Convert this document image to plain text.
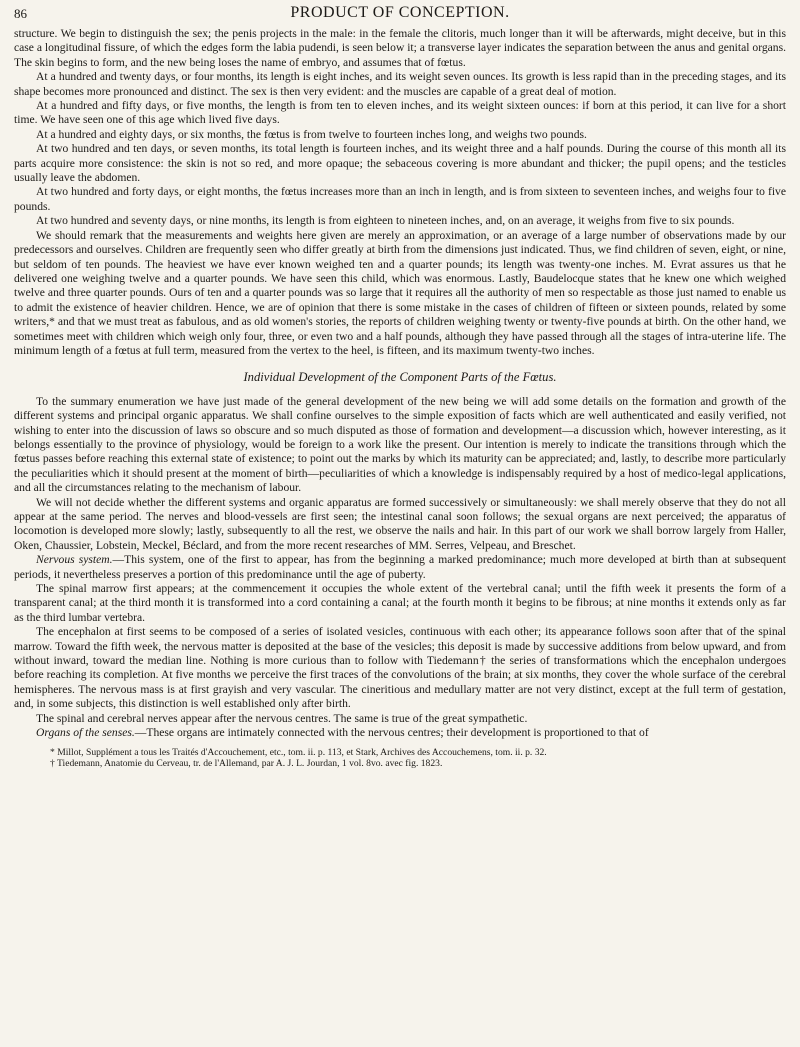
86	PRODUCT OF CONCEPTION.

structure. We begin to distinguish the sex; the penis projects in the male: in the female the clitoris, much longer than it will be afterwards, might deceive, but in this case a longitudinal fissure, of which the edges form the labia pudendi, is seen below it; a transverse layer indicates the separation between the anus and genital organs. The skin begins to form, and the new being loses the name of embryo, and assumes that of fœtus.

At a hundred and twenty days, or four months, its length is eight inches, and its weight seven ounces. Its growth is less rapid than in the preceding stages, and its shape becomes more pronounced and distinct. The sex is then very evident: and the muscles are capable of a great deal of motion.

At a hundred and fifty days, or five months, the length is from ten to eleven inches, and its weight sixteen ounces: if born at this period, it can live for a short time. We have seen one of this age which lived five days.

At a hundred and eighty days, or six months, the fœtus is from twelve to fourteen inches long, and weighs two pounds.

At two hundred and ten days, or seven months, its total length is fourteen inches, and its weight three and a half pounds. During the course of this month all its parts acquire more consistence: the skin is not so red, and more opaque; the sebaceous covering is more abundant and thicker; the pupil opens; and the testicles usually leave the abdomen.

At two hundred and forty days, or eight months, the fœtus increases more than an inch in length, and is from sixteen to seventeen inches, and weighs four to five pounds.

At two hundred and seventy days, or nine months, its length is from eighteen to nineteen inches, and, on an average, it weighs from five to six pounds.

We should remark that the measurements and weights here given are merely an approximation, or an average of a large number of observations made by our predecessors and ourselves. Children are frequently seen who differ greatly at birth from the dimensions just indicated. Thus, we find children of seven, eight, or nine, but seldom of ten pounds. The heaviest we have ever known weighed ten and a quarter pounds; its length was twenty-one inches. M. Evrat assures us that he delivered one weighing twelve and a quarter pounds. We have seen this child, which was enormous. Lastly, Baudelocque states that he knew one which weighed twelve and three quarter pounds. Ours of ten and a quarter pounds was so large that it requires all the authority of men so respectable as those just named to enable us to admit the existence of heavier children. Hence, we are of opinion that there is some mistake in the cases of children of fifteen or sixteen pounds, related by some writers,* and that we must treat as fabulous, and as old women's stories, the reports of children weighing twenty or twenty-five pounds at birth. On the other hand, we sometimes meet with children which weigh only four, three, or even two and a half pounds, although they have passed through all the stages of intra-uterine life. The minimum length of a fœtus at full term, measured from the vertex to the heel, is fifteen, and its maximum twenty-two inches.

Individual Development of the Component Parts of the Fœtus.

To the summary enumeration we have just made of the general development of the new being we will add some details on the formation and growth of the different systems and principal organic apparatus. We shall confine ourselves to the simple exposition of facts which are well authenticated and easily verified, not wishing to enter into the discussion of laws so obscure and so much disputed as those of formation and development—a discussion which, however interesting, as it belongs essentially to the province of physiology, would be foreign to a work like the present. Our intention is merely to indicate the transitions through which the fœtus passes before reaching this external state of existence; to point out the marks by which its maturity can be appreciated; and, lastly, to describe more particularly the peculiarities which it should present at the moment of birth—peculiarities of which a knowledge is indispensably required by a host of medico-legal applications, and all the circumstances relating to the mechanism of labour.

We will not decide whether the different systems and organic apparatus are formed successively or simultaneously: we shall merely observe that they do not all appear at the same period. The nerves and blood-vessels are first seen; the intestinal canal soon follows; the sexual organs are next perceived; the apparatus of locomotion is developed more slowly; lastly, subsequently to all the rest, we observe the nails and hair. In this part of our work we shall borrow largely from Haller, Oken, Chaussier, Lobstein, Meckel, Béclard, and from the more recent researches of MM. Serres, Velpeau, and Breschet.

Nervous system.—This system, one of the first to appear, has from the beginning a marked predominance; much more developed at birth than at subsequent periods, it nevertheless preserves a portion of this predominance until the age of puberty.

The spinal marrow first appears; at the commencement it occupies the whole extent of the vertebral canal; until the fifth week it presents the form of a transparent canal; at the third month it is transformed into a cord containing a canal; at the fourth month it begins to be fibrous; at nine months it extends only as far as the third lumbar vertebra.

The encephalon at first seems to be composed of a series of isolated vesicles, continuous with each other; its appearance follows soon after that of the spinal marrow. Toward the fifth week, the nervous matter is deposited at the base of the vesicles; this deposit is made by successive additions from below upward, and from without inward, toward the median line. Nothing is more curious than to follow with Tiedemann† the series of transformations which the encephalon undergoes before reaching its completion. At five months we perceive the first traces of the convolutions of the brain; at six months, they cover the whole surface of the cerebral hemispheres. The nervous mass is at first grayish and very vascular. The cineritious and medullary matter are not very distinct, except at the full term of gestation, and, in some subjects, this distinction is well established only after birth.

The spinal and cerebral nerves appear after the nervous centres. The same is true of the great sympathetic.

Organs of the senses.—These organs are intimately connected with the nervous centres; their development is proportioned to that of

* Millot, Supplément a tous les Traités d'Accouchement, etc., tom. ii. p. 113, et Stark, Archives des Accouchemens, tom. ii. p. 32.
† Tiedemann, Anatomie du Cerveau, tr. de l'Allemand, par A. J. L. Jourdan, 1 vol. 8vo. avec fig. 1823.
